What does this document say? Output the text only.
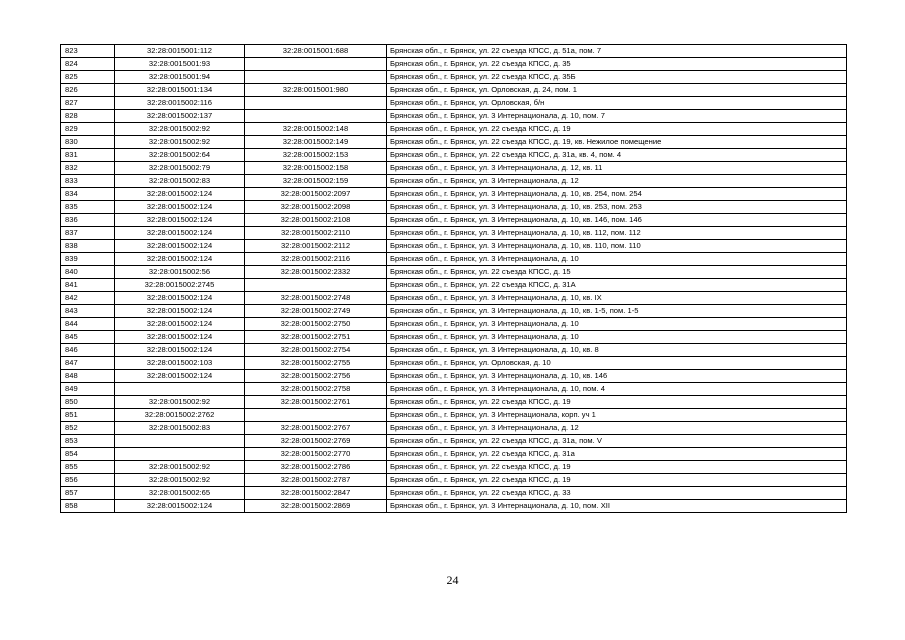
823	32:28:0015001:112	32:28:0015001:688	Брянская обл., г. Брянск, ул. 22 съезда КПСС, д. 51а, пом. 7
824	32:28:0015001:93		Брянская обл., г. Брянск, ул. 22 съезда КПСС, д. 35
825	32:28:0015001:94		Брянская обл., г. Брянск, ул. 22 съезда КПСС, д. 35Б
826	32:28:0015001:134	32:28:0015001:980	Брянская обл., г. Брянск, ул. Орловская, д. 24, пом. 1
827	32:28:0015002:116		Брянская обл., г. Брянск, ул. Орловская, б/н
828	32:28:0015002:137		Брянская обл., г. Брянск, ул. 3 Интернационала, д. 10, пом. 7
829	32:28:0015002:92	32:28:0015002:148	Брянская обл., г. Брянск, ул. 22 съезда КПСС, д. 19
830	32:28:0015002:92	32:28:0015002:149	Брянская обл., г. Брянск, ул. 22 съезда КПСС, д. 19, кв. Нежилое помещение
831	32:28:0015002:64	32:28:0015002:153	Брянская обл., г. Брянск, ул. 22 съезда КПСС, д. 31а, кв. 4, пом. 4
832	32:28:0015002:79	32:28:0015002:158	Брянская обл., г. Брянск, ул. 3 Интернационала, д. 12, кв. 11
833	32:28:0015002:83	32:28:0015002:159	Брянская обл., г. Брянск, ул. 3 Интернационала, д. 12
834	32:28:0015002:124	32:28:0015002:2097	Брянская обл., г. Брянск, ул. 3 Интернационала, д. 10, кв. 254, пом. 254
835	32:28:0015002:124	32:28:0015002:2098	Брянская обл., г. Брянск, ул. 3 Интернационала, д. 10, кв. 253, пом. 253
836	32:28:0015002:124	32:28:0015002:2108	Брянская обл., г. Брянск, ул. 3 Интернационала, д. 10, кв. 146, пом. 146
837	32:28:0015002:124	32:28:0015002:2110	Брянская обл., г. Брянск, ул. 3 Интернационала, д. 10, кв. 112, пом. 112
838	32:28:0015002:124	32:28:0015002:2112	Брянская обл., г. Брянск, ул. 3 Интернационала, д. 10, кв. 110, пом. 110
839	32:28:0015002:124	32:28:0015002:2116	Брянская обл., г. Брянск, ул. 3 Интернационала, д. 10
840	32:28:0015002:56	32:28:0015002:2332	Брянская обл., г. Брянск, ул. 22 съезда КПСС, д. 15
841	32:28:0015002:2745		Брянская обл., г. Брянск, ул. 22 съезда КПСС, д. 31А
842	32:28:0015002:124	32:28:0015002:2748	Брянская обл., г. Брянск, ул. 3 Интернационала, д. 10, кв. IX
843	32:28:0015002:124	32:28:0015002:2749	Брянская обл., г. Брянск, ул. 3 Интернационала, д. 10, кв. 1-5, пом. 1-5
844	32:28:0015002:124	32:28:0015002:2750	Брянская обл., г. Брянск, ул. 3 Интернационала, д. 10
845	32:28:0015002:124	32:28:0015002:2751	Брянская обл., г. Брянск, ул. 3 Интернационала, д. 10
846	32:28:0015002:124	32:28:0015002:2754	Брянская обл., г. Брянск, ул. 3 Интернационала, д. 10, кв. 8
847	32:28:0015002:103	32:28:0015002:2755	Брянская обл., г. Брянск, ул. Орловская, д. 10
848	32:28:0015002:124	32:28:0015002:2756	Брянская обл., г. Брянск, ул. 3 Интернационала, д. 10, кв. 146
849		32:28:0015002:2758	Брянская обл., г. Брянск, ул. 3 Интернационала, д. 10, пом. 4
850	32:28:0015002:92	32:28:0015002:2761	Брянская обл., г. Брянск, ул. 22 съезда КПСС, д. 19
851	32:28:0015002:2762		Брянская обл., г. Брянск, ул. 3 Интернационала, корп. уч 1
852	32:28:0015002:83	32:28:0015002:2767	Брянская обл., г. Брянск, ул. 3 Интернационала, д. 12
853		32:28:0015002:2769	Брянская обл., г. Брянск, ул. 22 съезда КПСС, д. 31а, пом. V
854		32:28:0015002:2770	Брянская обл., г. Брянск, ул. 22 съезда КПСС, д. 31а
855	32:28:0015002:92	32:28:0015002:2786	Брянская обл., г. Брянск, ул. 22 съезда КПСС, д. 19
856	32:28:0015002:92	32:28:0015002:2787	Брянская обл., г. Брянск, ул. 22 съезда КПСС, д. 19
857	32:28:0015002:65	32:28:0015002:2847	Брянская обл., г. Брянск, ул. 22 съезда КПСС, д. 33
858	32:28:0015002:124	32:28:0015002:2869	Брянская обл., г. Брянск, ул. 3 Интернационала, д. 10, пом. XII
24
